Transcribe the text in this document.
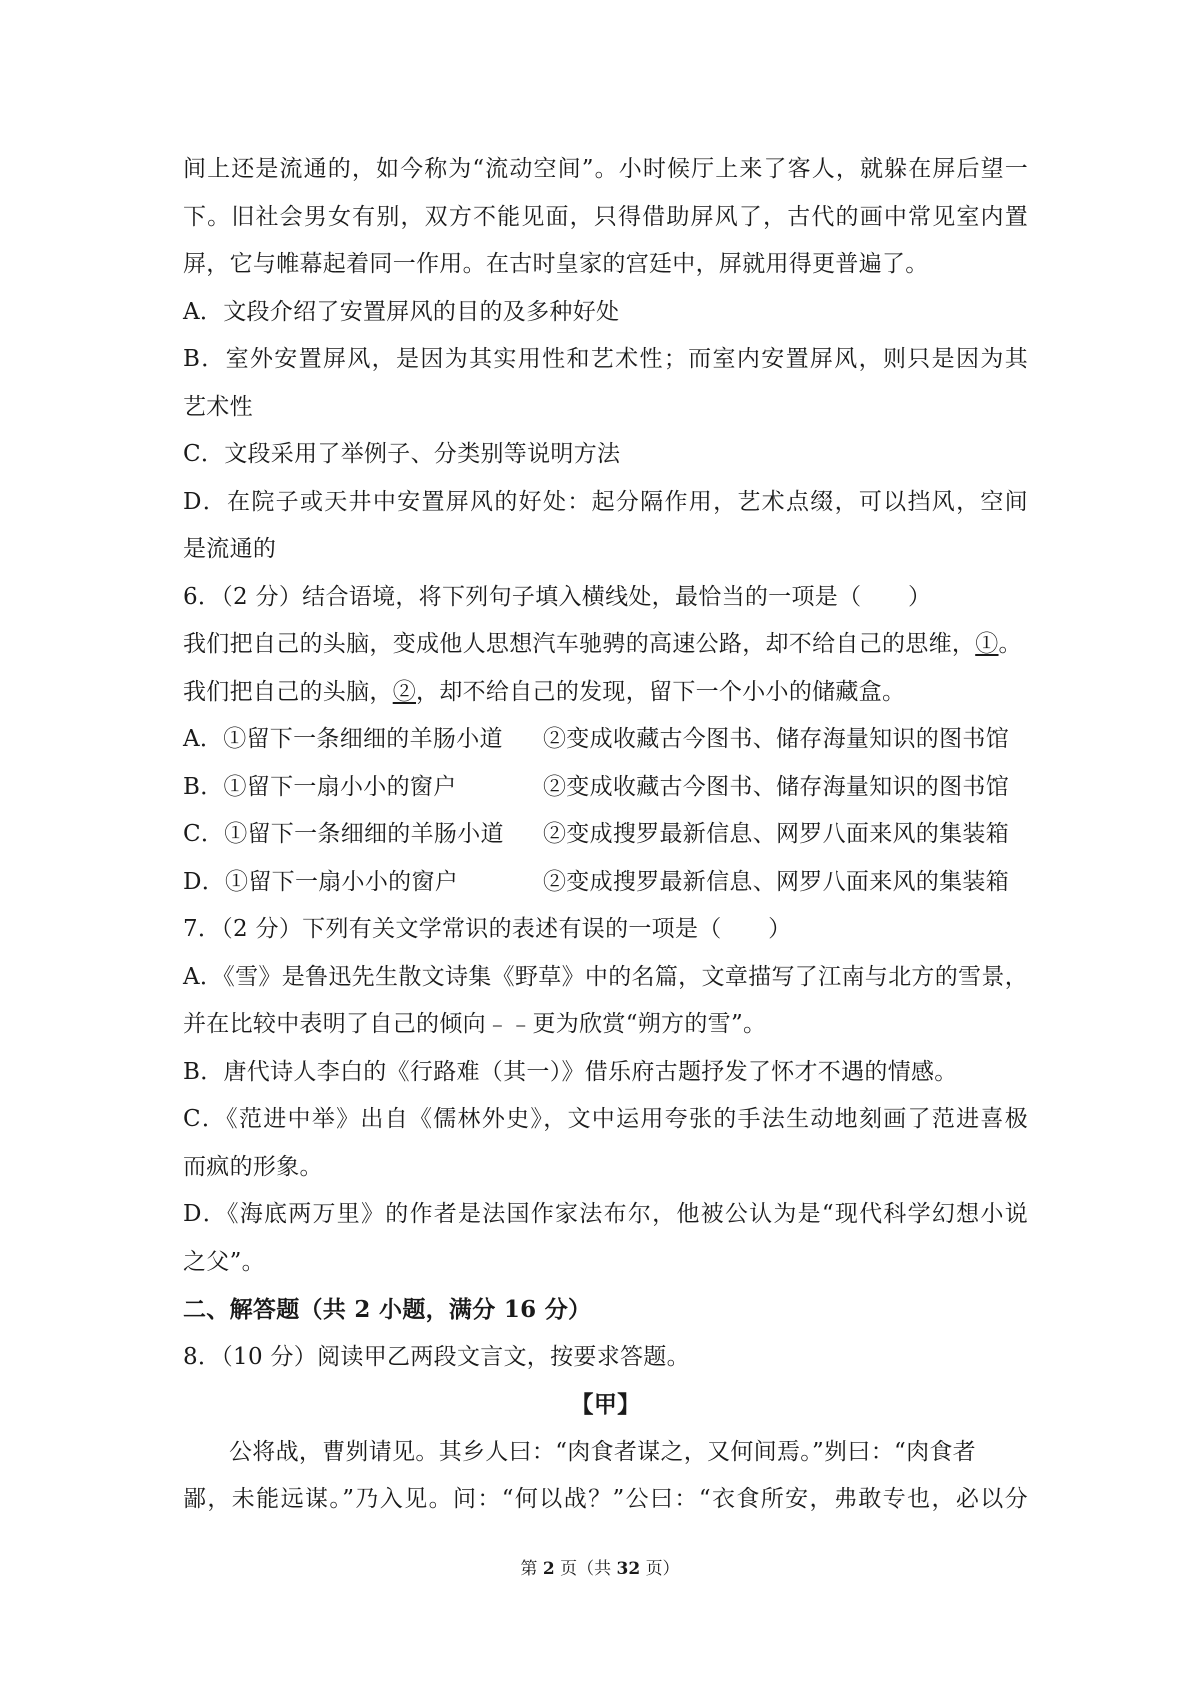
间上还是流通的，如今称为“流动空间”。小时候厅上来了客人，就躲在屏后望一
下。旧社会男女有别，双方不能见面，只得借助屏风了，古代的画中常见室内置
屏，它与帷幕起着同一作用。在古时皇家的宫廷中，屏就用得更普遍了。
A．文段介绍了安置屏风的目的及多种好处
B．室外安置屏风，是因为其实用性和艺术性；而室内安置屏风，则只是因为其
艺术性
C．文段采用了举例子、分类别等说明方法
D．在院子或天井中安置屏风的好处：起分隔作用，艺术点缀，可以挡风，空间
是流通的
6．（2 分）结合语境，将下列句子填入横线处，最恰当的一项是（　　）
我们把自己的头脑，变成他人思想汽车驰骋的高速公路，却不给自己的思维，①。
我们把自己的头脑，②，却不给自己的发现，留下一个小小的储藏盒。
A．①留下一条细细的羊肠小道	②变成收藏古今图书、储存海量知识的图书馆
B．①留下一扇小小的窗户	②变成收藏古今图书、储存海量知识的图书馆
C．①留下一条细细的羊肠小道	②变成搜罗最新信息、网罗八面来风的集装箱
D．①留下一扇小小的窗户	②变成搜罗最新信息、网罗八面来风的集装箱
7．（2 分）下列有关文学常识的表述有误的一项是（　　）
A．《雪》是鲁迅先生散文诗集《野草》中的名篇，文章描写了江南与北方的雪景，
并在比较中表明了自己的倾向﹣﹣更为欣赏“朔方的雪”。
B．唐代诗人李白的《行路难（其一）》借乐府古题抒发了怀才不遇的情感。
C．《范进中举》出自《儒林外史》，文中运用夸张的手法生动地刻画了范进喜极
而疯的形象。
D．《海底两万里》的作者是法国作家法布尔，他被公认为是“现代科学幻想小说
之父”。
二、解答题（共 2 小题，满分 16 分）
8．（10 分）阅读甲乙两段文言文，按要求答题。
【甲】
公将战，曹刿请见。其乡人曰：“肉食者谋之，又何间焉。”刿曰：“肉食者
鄙，未能远谋。”乃入见。问：“何以战？”公曰：“衣食所安，弗敢专也，必以分
第 2 页（共 32 页）
